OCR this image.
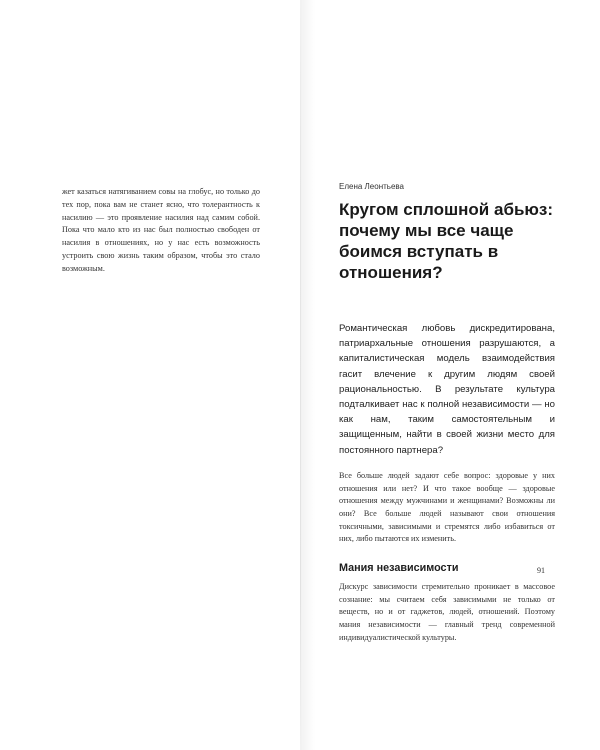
жет казаться натягиванием совы на глобус, но только до тех пор, пока вам не станет ясно, что толерантность к насилию — это проявление насилия над самим собой. Пока что мало кто из нас был полностью свободен от насилия в отношениях, но у нас есть возможность устроить свою жизнь таким образом, чтобы это стало возможным.

Елена Леонтьева

Кругом сплошной абьюз: почему мы все чаще боимся вступать в отношения?

Романтическая любовь дискредитирована, патриархальные отношения разрушаются, а капиталистическая модель взаимодействия гасит влечение к другим людям своей рациональностью. В результате культура подталкивает нас к полной независимости — но как нам, таким самостоятельным и защищенным, найти в своей жизни место для постоянного партнера?

Все больше людей задают себе вопрос: здоровые у них отношения или нет? И что такое вообще — здоровые отношения между мужчинами и женщинами? Возможны ли они? Все больше людей называют свои отношения токсичными, зависимыми и стремятся либо избавиться от них, либо пытаются их изменить.

Мания независимости

Дискурс зависимости стремительно проникает в массовое сознание: мы считаем себя зависимыми не только от веществ, но и от гаджетов, людей, отношений. Поэтому мания независимости — главный тренд современной индивидуалистической культуры.

91
